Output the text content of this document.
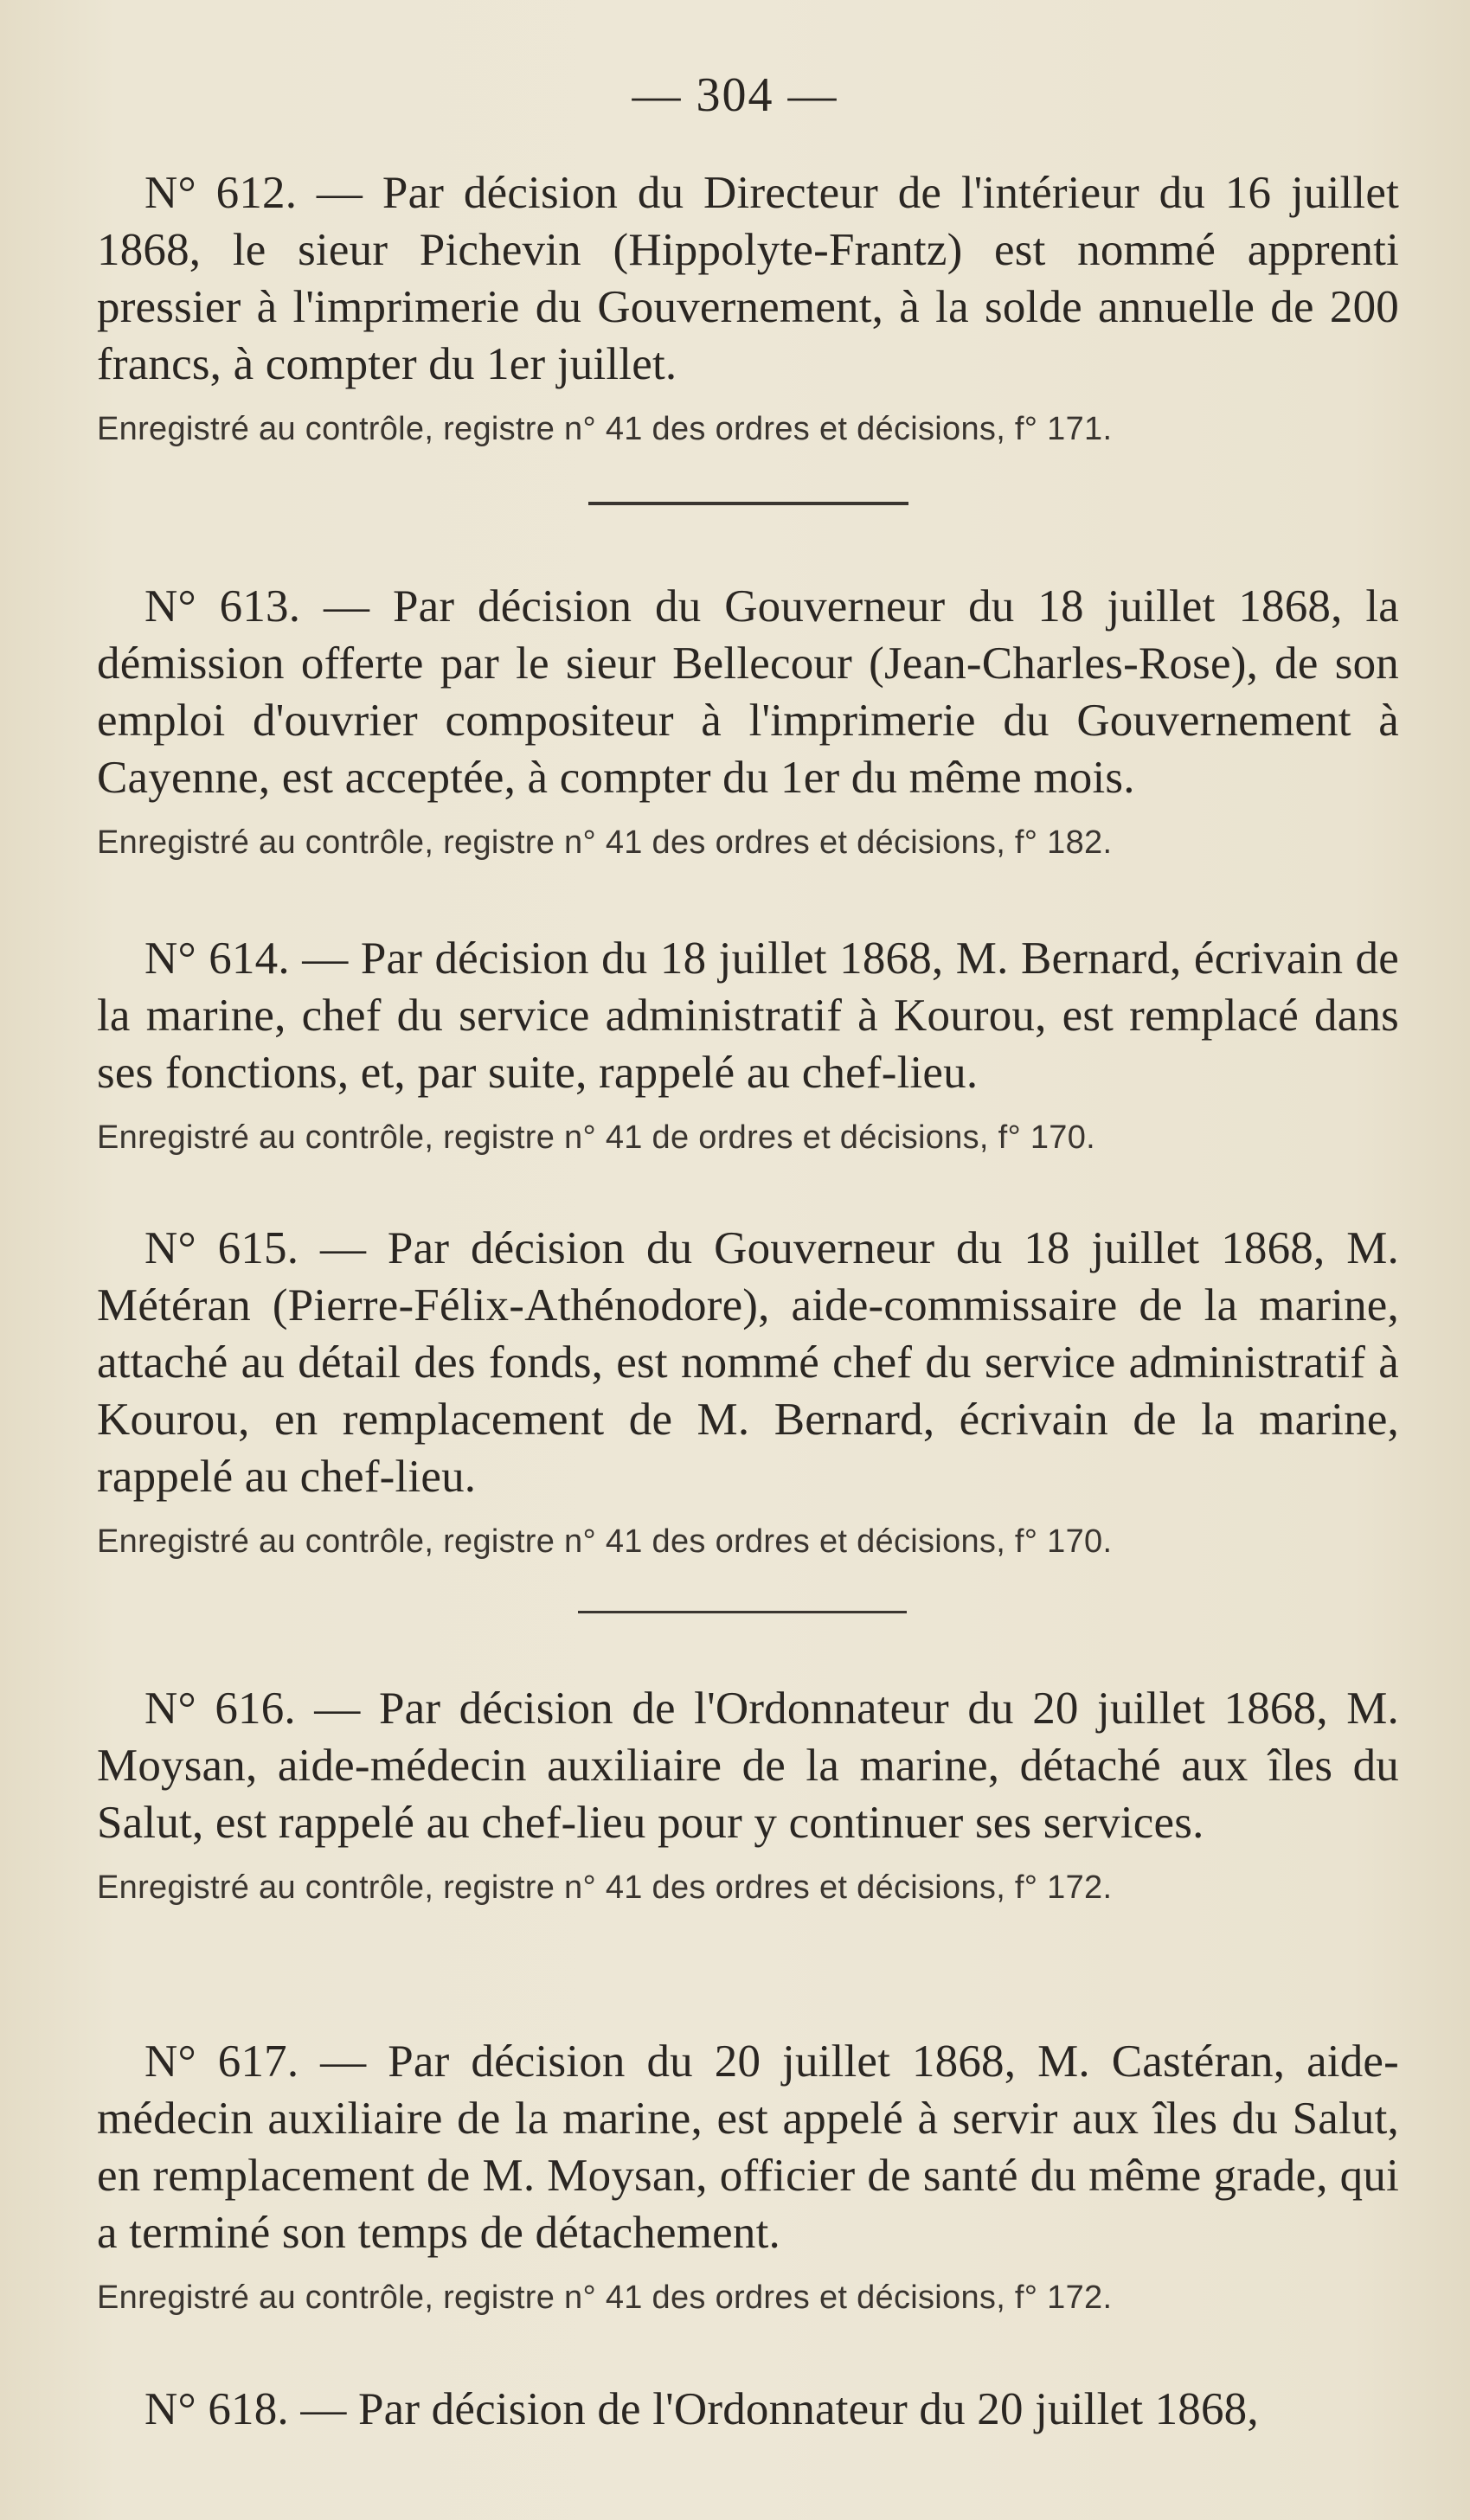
— 304 —
N° 612. — Par décision du Directeur de l'intérieur du 16 juillet 1868, le sieur Pichevin (Hippolyte-Frantz) est nommé apprenti pressier à l'imprimerie du Gouvernement, à la solde annuelle de 200 francs, à compter du 1er juillet.
Enregistré au contrôle, registre n° 41 des ordres et décisions, f° 171.
N° 613. — Par décision du Gouverneur du 18 juillet 1868, la démission offerte par le sieur Bellecour (Jean-Charles-Rose), de son emploi d'ouvrier compositeur à l'imprimerie du Gouvernement à Cayenne, est acceptée, à compter du 1er du même mois.
Enregistré au contrôle, registre n° 41 des ordres et décisions, f° 182.
N° 614. — Par décision du 18 juillet 1868, M. Bernard, écrivain de la marine, chef du service administratif à Kourou, est remplacé dans ses fonctions, et, par suite, rappelé au chef-lieu.
Enregistré au contrôle, registre n° 41 de ordres et décisions, f° 170.
N° 615. — Par décision du Gouverneur du 18 juillet 1868, M. Météran (Pierre-Félix-Athénodore), aide-commissaire de la marine, attaché au détail des fonds, est nommé chef du service administratif à Kourou, en remplacement de M. Bernard, écrivain de la marine, rappelé au chef-lieu.
Enregistré au contrôle, registre n° 41 des ordres et décisions, f° 170.
N° 616. — Par décision de l'Ordonnateur du 20 juillet 1868, M. Moysan, aide-médecin auxiliaire de la marine, détaché aux îles du Salut, est rappelé au chef-lieu pour y continuer ses services.
Enregistré au contrôle, registre n° 41 des ordres et décisions, f° 172.
N° 617. — Par décision du 20 juillet 1868, M. Castéran, aide-médecin auxiliaire de la marine, est appelé à servir aux îles du Salut, en remplacement de M. Moysan, officier de santé du même grade, qui a terminé son temps de détachement.
Enregistré au contrôle, registre n° 41 des ordres et décisions, f° 172.
N° 618. — Par décision de l'Ordonnateur du 20 juillet 1868,
